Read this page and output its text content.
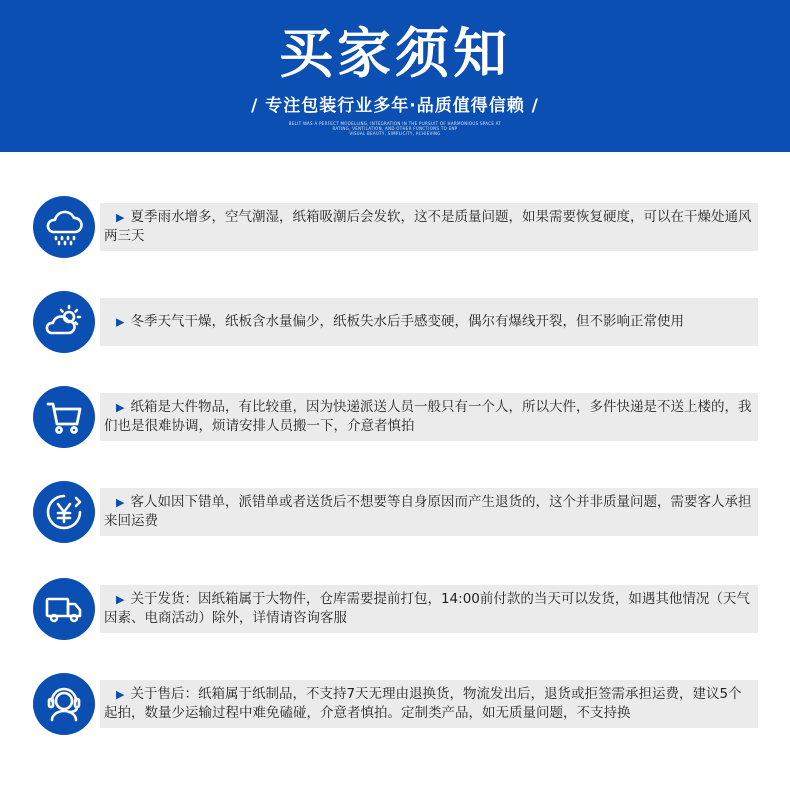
买家须知
/ 专注包装行业多年·品质值得信赖 /
BELIT WAS A PERFECT MODELLING, INTEGRATION IN THE PURSUIT OF HARMONIOUS SPACE AT
RATING, VENTILATION, AND OTHER FUNCTIONS TO ENP
VISUAL BEAUTY, SIMPLICITY, ACHIEVING
▶ 夏季雨水增多，空气潮湿，纸箱吸潮后会发软，这不是质量问题，如果需要恢复硬度，可以在干燥处通风两三天
▶ 冬季天气干燥，纸板含水量偏少，纸板失水后手感变硬，偶尔有爆线开裂，但不影响正常使用
▶ 纸箱是大件物品，有比较重，因为快递派送人员一般只有一个人，所以大件，多件快递是不送上楼的，我们也是很难协调，烦请安排人员搬一下，介意者慎拍
▶ 客人如因下错单，派错单或者送货后不想要等自身原因而产生退货的，这个并非质量问题，需要客人承担来回运费
▶ 关于发货：因纸箱属于大物件，仓库需要提前打包，14:00前付款的当天可以发货，如遇其他情况（天气因素、电商活动）除外，详情请咨询客服
▶ 关于售后：纸箱属于纸制品，不支持7天无理由退换货，物流发出后，退货或拒签需承担运费，建议5个起拍，数量少运输过程中难免磕碰，介意者慎拍。定制类产品，如无质量问题，不支持换
